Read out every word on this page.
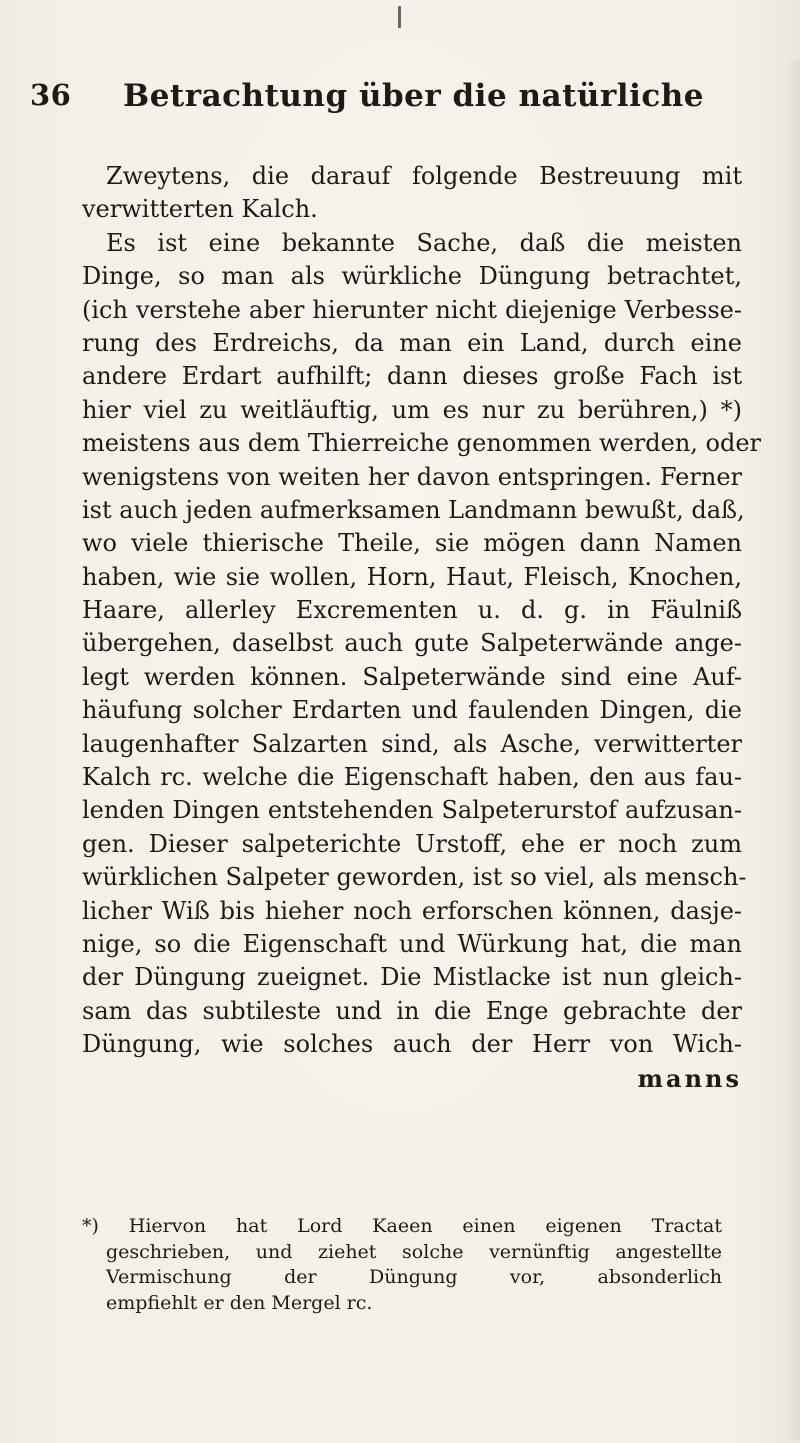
36 Betrachtung über die natürliche
Zweytens, die darauf folgende Bestreuung mit
verwitterten Kalch.
Es ist eine bekannte Sache, daß die meisten
Dinge, so man als würkliche Düngung betrachtet,
(ich verstehe aber hierunter nicht diejenige Verbesse-
rung des Erdreichs, da man ein Land, durch eine
andere Erdart aufhilft; dann dieses große Fach ist
hier viel zu weitläuftig, um es nur zu berühren,) *)
meistens aus dem Thierreiche genommen werden, oder
wenigstens von weiten her davon entspringen. Ferner
ist auch jeden aufmerksamen Landmann bewußt, daß,
wo viele thierische Theile, sie mögen dann Namen
haben, wie sie wollen, Horn, Haut, Fleisch, Knochen,
Haare, allerley Excrementen u. d. g. in Fäulniß
übergehen, daselbst auch gute Salpeterwände ange-
legt werden können. Salpeterwände sind eine Auf-
häufung solcher Erdarten und faulenden Dingen, die
laugenhafter Salzarten sind, als Asche, verwitterter
Kalch rc. welche die Eigenschaft haben, den aus fau-
lenden Dingen entstehenden Salpeterurstof aufzusan-
gen. Dieser salpeterichte Urstoff, ehe er noch zum
würklichen Salpeter geworden, ist so viel, als mensch-
licher Wiß bis hieher noch erforschen können, dasje-
nige, so die Eigenschaft und Würkung hat, die man
der Düngung zueignet. Die Mistlacke ist nun gleich-
sam das subtileste und in die Enge gebrachte der
Düngung, wie solches auch der Herr von Wich-
manns
*) Hiervon hat Lord Kaeen einen eigenen Tractat
geschrieben, und ziehet solche vernünftig angestellte
Vermischung der Düngung vor, absonderlich
empfiehlt er den Mergel rc.
